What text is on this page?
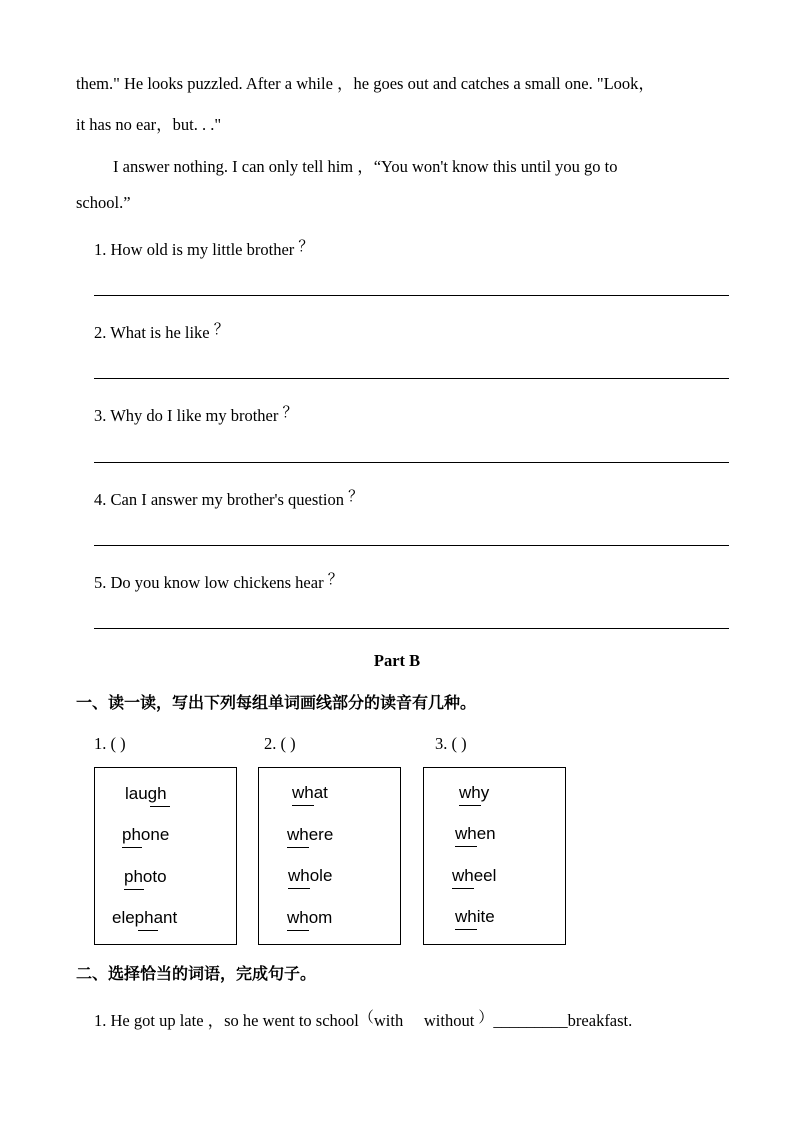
them." He looks puzzled. After a while ，he goes out and catches a small one. "Look，
it has no ear，but. . ."
I answer nothing. I can only tell him ，“You won't know this until you go to
school.”
1. How old is my little brother ？
2. What is he like ？
3. Why do I like my brother ？
4. Can I answer my brother's question ？
5. Do you know low chickens hear ？
Part B
一、读一读，写出下列每组单词画线部分的读音有几种。
1. ( )	2. ( )	3. ( )
laugh
phone
photo
elephant
what
where
whole
whom
why
when
wheel
white
二、选择恰当的词语，完成句子。
1. He got up late ，so he went to school（with without ）_________breakfast.
